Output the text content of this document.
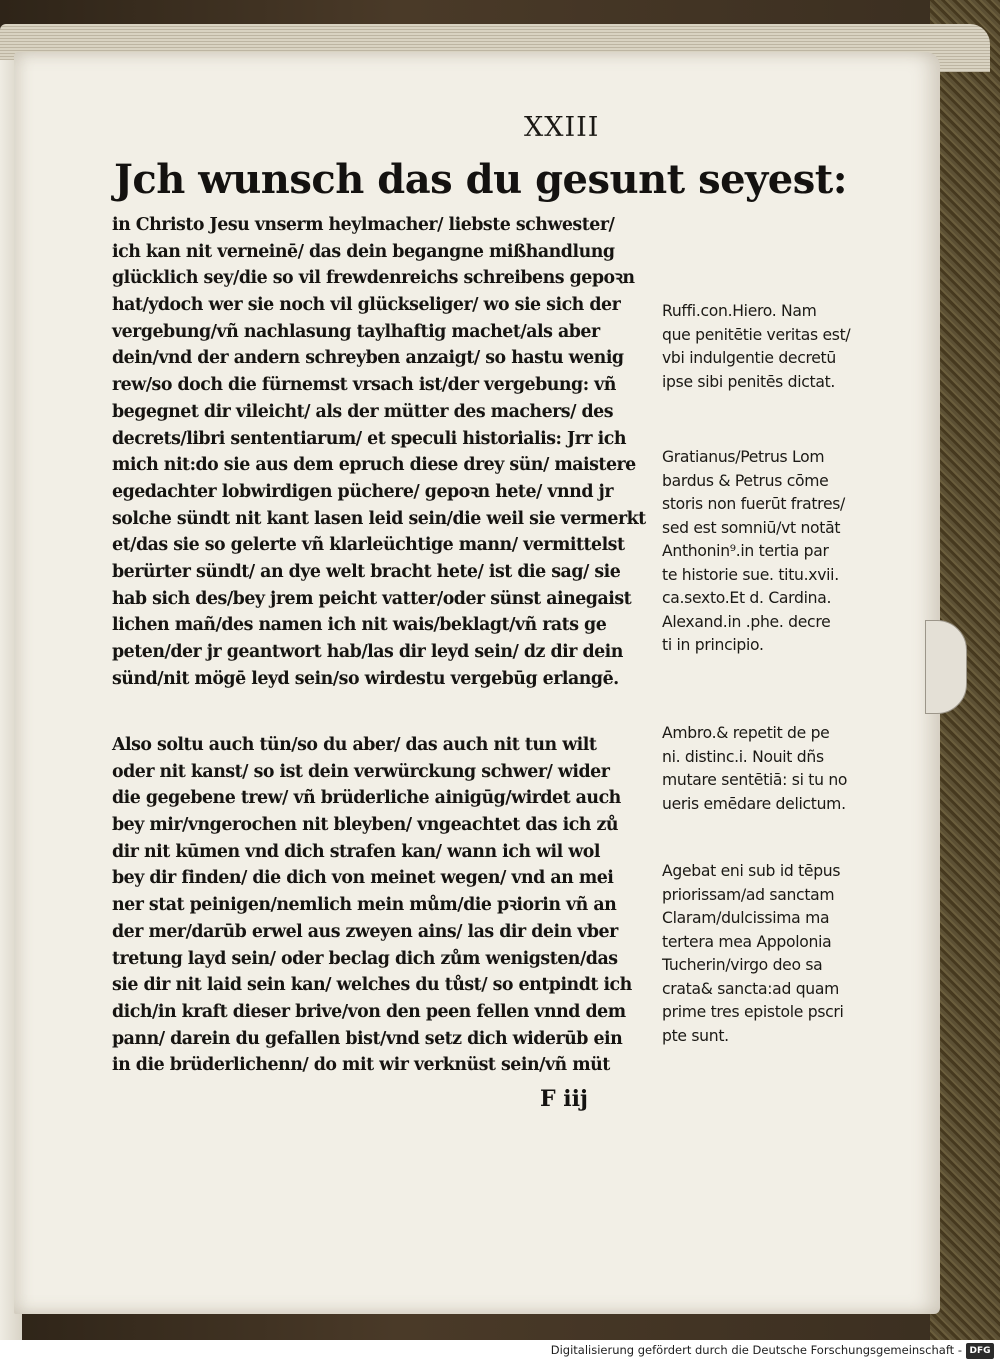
XXIII
Jch wunsch das du gesunt seyest:
in Christo Jesu vnserm heylmacher/ liebste schwester/
ich kan nit verneinē/ das dein begangne mißhandlung
glücklich sey/die so vil frewdenreichs schreibens gepoꝛn
hat/ydoch wer sie noch vil glückseliger/ wo sie sich der
vergebung/vñ nachlasung taylhaftig machet/als aber
dein/vnd der andern schreyben anzaigt/ so hastu wenig
rew/so doch die fürnemst vrsach ist/der vergebung: vñ
begegnet dir vileicht/ als der mütter des machers/ des
decrets/libri sententiarum/ et speculi historialis: Jrr ich
mich nit:do sie aus dem epruch diese drey sün/ maistere
egedachter lobwirdigen püchere/ gepoꝛn hete/ vnnd jr
solche sündt nit kant lasen leid sein/die weil sie vermerkt
et/das sie so gelerte vñ klarleüchtige mann/ vermittelst
berürter sündt/ an dye welt bracht hete/ ist die sag/ sie
hab sich des/bey jrem peicht vatter/oder sünst ainegaist
lichen mañ/des namen ich nit wais/beklagt/vñ rats ge
peten/der jr geantwort hab/las dir leyd sein/ dz dir dein
sünd/nit mögē leyd sein/so wirdestu vergebūg erlangē.
Also soltu auch tün/so du aber/ das auch nit tun wilt
oder nit kanst/ so ist dein verwürckung schwer/ wider
die gegebene trew/ vñ brüderliche ainigūg/wirdet auch
bey mir/vngerochen nit bleyben/ vngeachtet das ich zů
dir nit kūmen vnd dich strafen kan/ wann ich wil wol
bey dir finden/ die dich von meinet wegen/ vnd an mei
ner stat peinigen/nemlich mein mům/die pꝛiorin vñ an
der mer/darūb erwel aus zweyen ains/ las dir dein vber
tretung layd sein/ oder beclag dich zům wenigsten/das
sie dir nit laid sein kan/ welches du tůst/ so entpindt ich
dich/in kraft dieser brive/von den peen fellen vnnd dem
pann/ darein du gefallen bist/vnd setz dich widerūb ein
in die brüderlichenn/ do mit wir verknüst sein/vñ müt
F iij
Ruffi.con.Hiero. Nam
que penitētie veritas est/
vbi indulgentie decretū
ipse sibi penitēs dictat.
Gratianus/Petrus Lom
bardus & Petrus cōme
storis non fuerūt fratres/
sed est somniū/vt notāt
Anthonin⁹.in tertia par
te historie sue. titu.xvii.
ca.sexto.Et d. Cardina.
Alexand.in .phe. decre
ti in principio.
Ambro.& repetit de pe
ni. distinc.i. Nouit dñs
mutare sentētiā: si tu no
ueris emēdare delictum.
Agebat eni sub id tēpus
priorissam/ad sanctam
Claram/dulcissima ma
tertera mea Appolonia
Tucherin/virgo deo sa
crata& sancta:ad quam
prime tres epistole pscri
pte sunt.
Digitalisierung gefördert durch die Deutsche Forschungsgemeinschaft - DFG
